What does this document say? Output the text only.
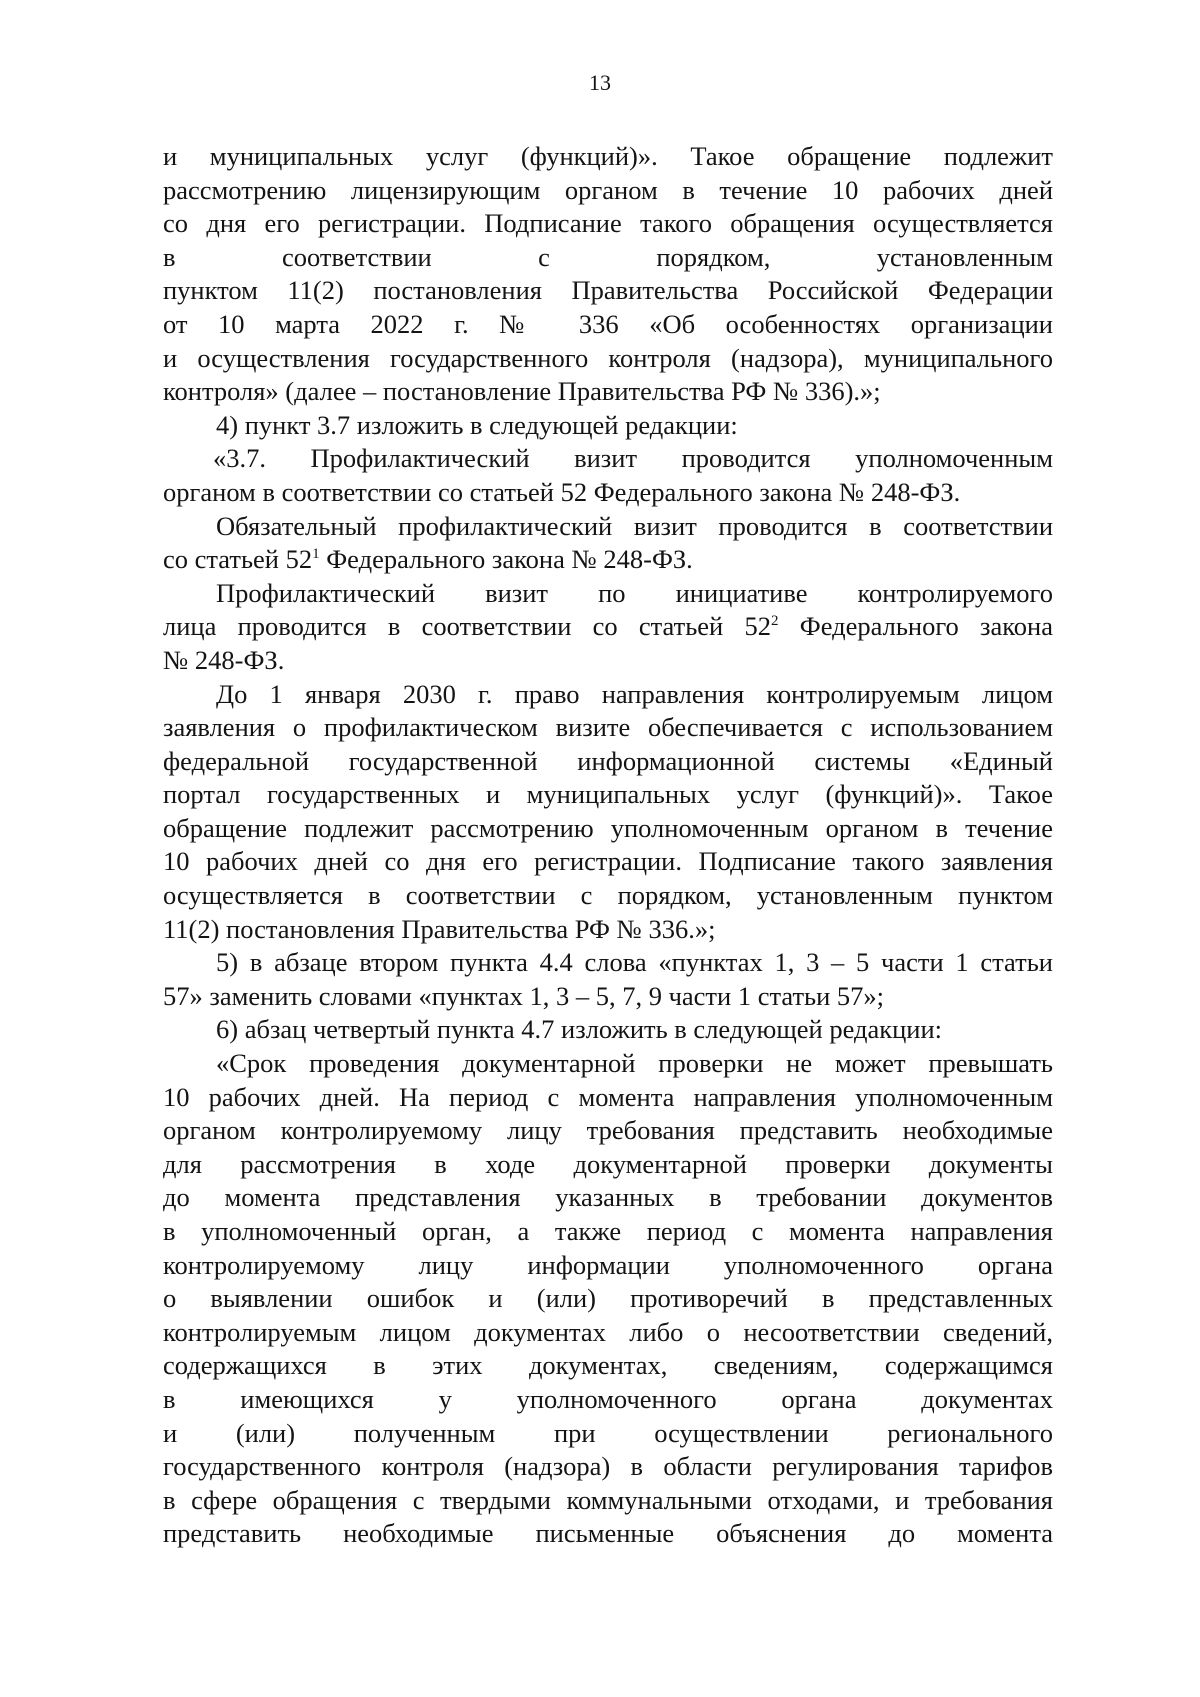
13
и муниципальных услуг (функций)». Такое обращение подлежит
рассмотрению лицензирующим органом в течение 10 рабочих дней
со дня его регистрации. Подписание такого обращения осуществляется
в соответствии с порядком, установленным
пунктом 11(2) постановления Правительства Российской Федерации
от 10 марта 2022 г. № 336 «Об особенностях организации
и осуществления государственного контроля (надзора), муниципального
контроля» (далее – постановление Правительства РФ № 336).»;
4) пункт 3.7 изложить в следующей редакции:
«3.7. Профилактический визит проводится уполномоченным
органом в соответствии со статьей 52 Федерального закона № 248-ФЗ.
Обязательный профилактический визит проводится в соответствии
со статьей $52^1$ Федерального закона № 248-ФЗ.
Профилактический визит по инициативе контролируемого
лица проводится в соответствии со статьей $52^2$ Федерального закона
№ 248-ФЗ.
До 1 января 2030 г. право направления контролируемым лицом
заявления о профилактическом визите обеспечивается с использованием
федеральной государственной информационной системы «Единый
портал государственных и муниципальных услуг (функций)». Такое
обращение подлежит рассмотрению уполномоченным органом в течение
10 рабочих дней со дня его регистрации. Подписание такого заявления
осуществляется в соответствии с порядком, установленным пунктом
11(2) постановления Правительства РФ № 336.»;
5) в абзаце втором пункта 4.4 слова «пунктах 1, 3 – 5 части 1 статьи
57» заменить словами «пунктах 1, 3 – 5, 7, 9 части 1 статьи 57»;
6) абзац четвертый пункта 4.7 изложить в следующей редакции:
«Срок проведения документарной проверки не может превышать
10 рабочих дней. На период с момента направления уполномоченным
органом контролируемому лицу требования представить необходимые
для рассмотрения в ходе документарной проверки документы
до момента представления указанных в требовании документов
в уполномоченный орган, а также период с момента направления
контролируемому лицу информации уполномоченного органа
о выявлении ошибок и (или) противоречий в представленных
контролируемым лицом документах либо о несоответствии сведений,
содержащихся в этих документах, сведениям, содержащимся
в имеющихся у уполномоченного органа документах
и (или) полученным при осуществлении регионального
государственного контроля (надзора) в области регулирования тарифов
в сфере обращения с твердыми коммунальными отходами, и требования
представить необходимые письменные объяснения до момента
